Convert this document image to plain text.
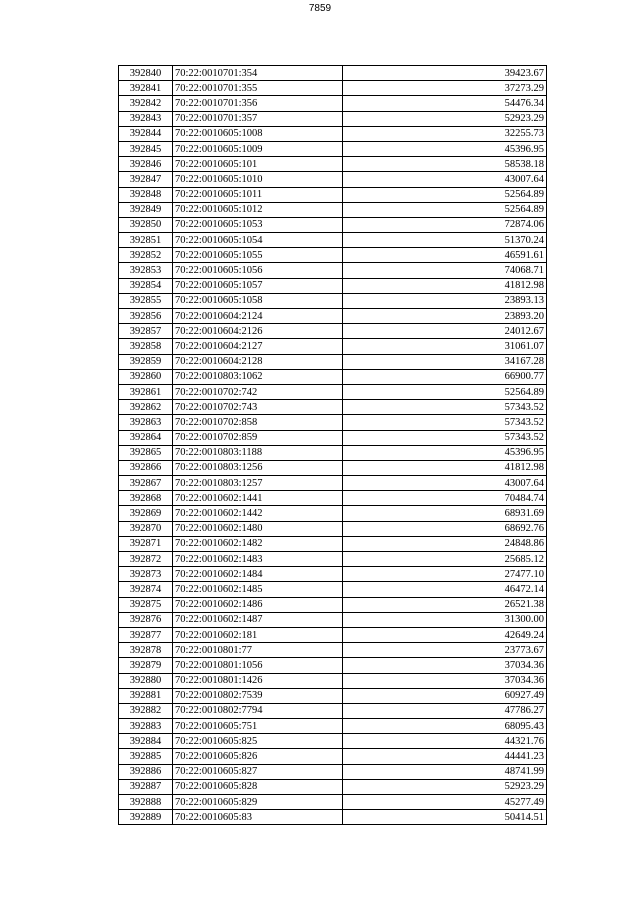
7859
392840	70:22:0010701:354	39423.67
392841	70:22:0010701:355	37273.29
392842	70:22:0010701:356	54476.34
392843	70:22:0010701:357	52923.29
392844	70:22:0010605:1008	32255.73
392845	70:22:0010605:1009	45396.95
392846	70:22:0010605:101	58538.18
392847	70:22:0010605:1010	43007.64
392848	70:22:0010605:1011	52564.89
392849	70:22:0010605:1012	52564.89
392850	70:22:0010605:1053	72874.06
392851	70:22:0010605:1054	51370.24
392852	70:22:0010605:1055	46591.61
392853	70:22:0010605:1056	74068.71
392854	70:22:0010605:1057	41812.98
392855	70:22:0010605:1058	23893.13
392856	70:22:0010604:2124	23893.20
392857	70:22:0010604:2126	24012.67
392858	70:22:0010604:2127	31061.07
392859	70:22:0010604:2128	34167.28
392860	70:22:0010803:1062	66900.77
392861	70:22:0010702:742	52564.89
392862	70:22:0010702:743	57343.52
392863	70:22:0010702:858	57343.52
392864	70:22:0010702:859	57343.52
392865	70:22:0010803:1188	45396.95
392866	70:22:0010803:1256	41812.98
392867	70:22:0010803:1257	43007.64
392868	70:22:0010602:1441	70484.74
392869	70:22:0010602:1442	68931.69
392870	70:22:0010602:1480	68692.76
392871	70:22:0010602:1482	24848.86
392872	70:22:0010602:1483	25685.12
392873	70:22:0010602:1484	27477.10
392874	70:22:0010602:1485	46472.14
392875	70:22:0010602:1486	26521.38
392876	70:22:0010602:1487	31300.00
392877	70:22:0010602:181	42649.24
392878	70:22:0010801:77	23773.67
392879	70:22:0010801:1056	37034.36
392880	70:22:0010801:1426	37034.36
392881	70:22:0010802:7539	60927.49
392882	70:22:0010802:7794	47786.27
392883	70:22:0010605:751	68095.43
392884	70:22:0010605:825	44321.76
392885	70:22:0010605:826	44441.23
392886	70:22:0010605:827	48741.99
392887	70:22:0010605:828	52923.29
392888	70:22:0010605:829	45277.49
392889	70:22:0010605:83	50414.51
